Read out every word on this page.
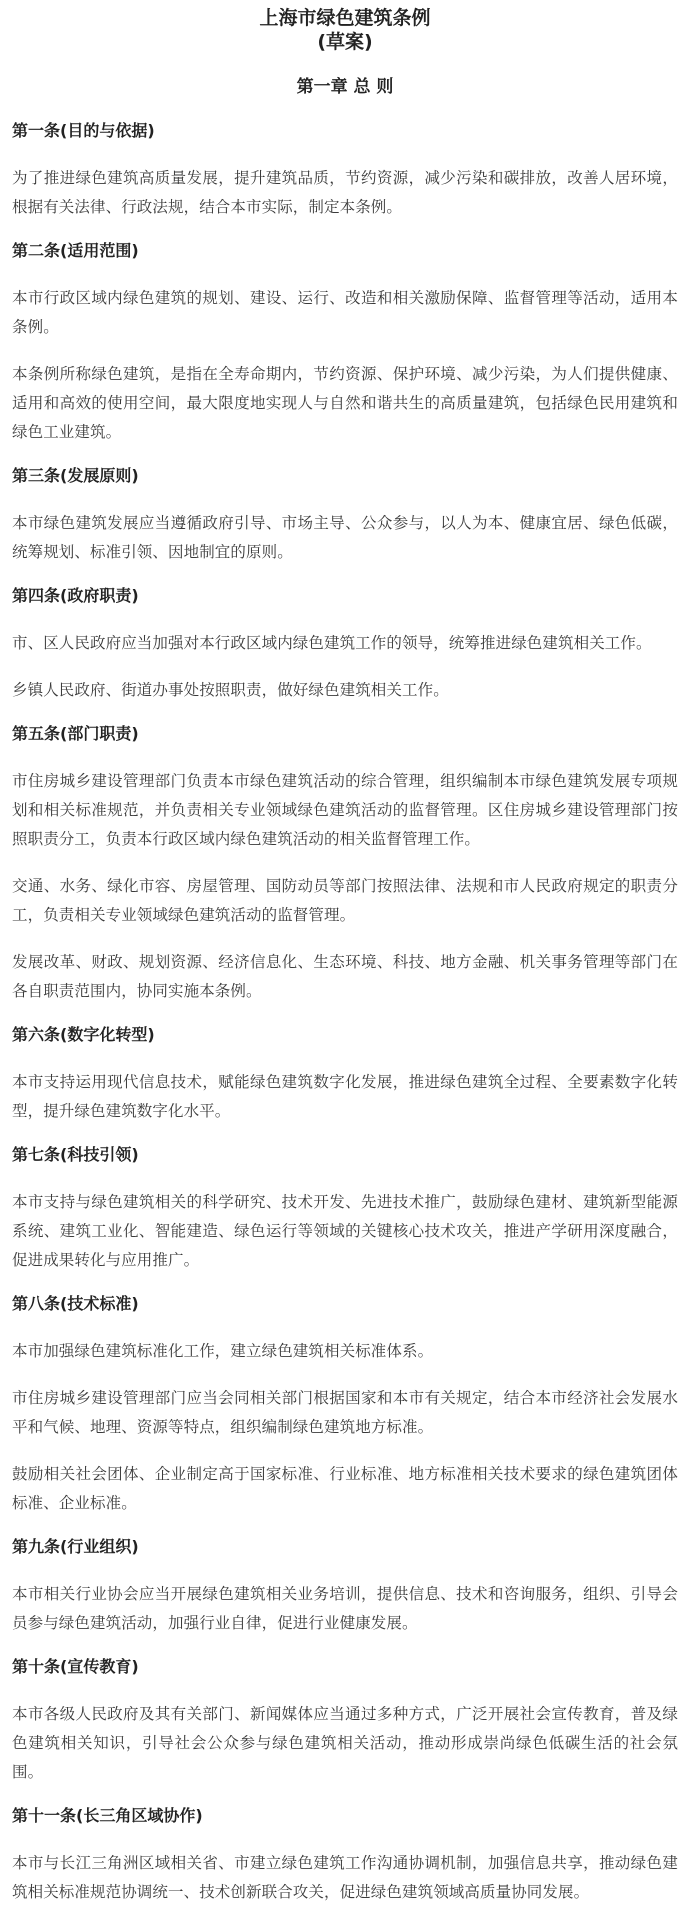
上海市绿色建筑条例
(草案)
第一章 总 则
第一条(目的与依据)

为了推进绿色建筑高质量发展，提升建筑品质，节约资源，减少污染和碳排放，改善人居环境，根据有关法律、行政法规，结合本市实际，制定本条例。

第二条(适用范围)

本市行政区域内绿色建筑的规划、建设、运行、改造和相关激励保障、监督管理等活动，适用本条例。

本条例所称绿色建筑，是指在全寿命期内，节约资源、保护环境、减少污染，为人们提供健康、适用和高效的使用空间，最大限度地实现人与自然和谐共生的高质量建筑，包括绿色民用建筑和绿色工业建筑。

第三条(发展原则)

本市绿色建筑发展应当遵循政府引导、市场主导、公众参与，以人为本、健康宜居、绿色低碳，统筹规划、标准引领、因地制宜的原则。

第四条(政府职责)

市、区人民政府应当加强对本行政区域内绿色建筑工作的领导，统筹推进绿色建筑相关工作。

乡镇人民政府、街道办事处按照职责，做好绿色建筑相关工作。

第五条(部门职责)

市住房城乡建设管理部门负责本市绿色建筑活动的综合管理，组织编制本市绿色建筑发展专项规划和相关标准规范，并负责相关专业领域绿色建筑活动的监督管理。区住房城乡建设管理部门按照职责分工，负责本行政区域内绿色建筑活动的相关监督管理工作。

交通、水务、绿化市容、房屋管理、国防动员等部门按照法律、法规和市人民政府规定的职责分工，负责相关专业领域绿色建筑活动的监督管理。

发展改革、财政、规划资源、经济信息化、生态环境、科技、地方金融、机关事务管理等部门在各自职责范围内，协同实施本条例。

第六条(数字化转型)

本市支持运用现代信息技术，赋能绿色建筑数字化发展，推进绿色建筑全过程、全要素数字化转型，提升绿色建筑数字化水平。

第七条(科技引领)

本市支持与绿色建筑相关的科学研究、技术开发、先进技术推广，鼓励绿色建材、建筑新型能源系统、建筑工业化、智能建造、绿色运行等领域的关键核心技术攻关，推进产学研用深度融合，促进成果转化与应用推广。

第八条(技术标准)

本市加强绿色建筑标准化工作，建立绿色建筑相关标准体系。

市住房城乡建设管理部门应当会同相关部门根据国家和本市有关规定，结合本市经济社会发展水平和气候、地理、资源等特点，组织编制绿色建筑地方标准。

鼓励相关社会团体、企业制定高于国家标准、行业标准、地方标准相关技术要求的绿色建筑团体标准、企业标准。

第九条(行业组织)

本市相关行业协会应当开展绿色建筑相关业务培训，提供信息、技术和咨询服务，组织、引导会员参与绿色建筑活动，加强行业自律，促进行业健康发展。

第十条(宣传教育)

本市各级人民政府及其有关部门、新闻媒体应当通过多种方式，广泛开展社会宣传教育，普及绿色建筑相关知识，引导社会公众参与绿色建筑相关活动，推动形成崇尚绿色低碳生活的社会氛围。

第十一条(长三角区域协作)

本市与长江三角洲区域相关省、市建立绿色建筑工作沟通协调机制，加强信息共享，推动绿色建筑相关标准规范协调统一、技术创新联合攻关，促进绿色建筑领域高质量协同发展。
